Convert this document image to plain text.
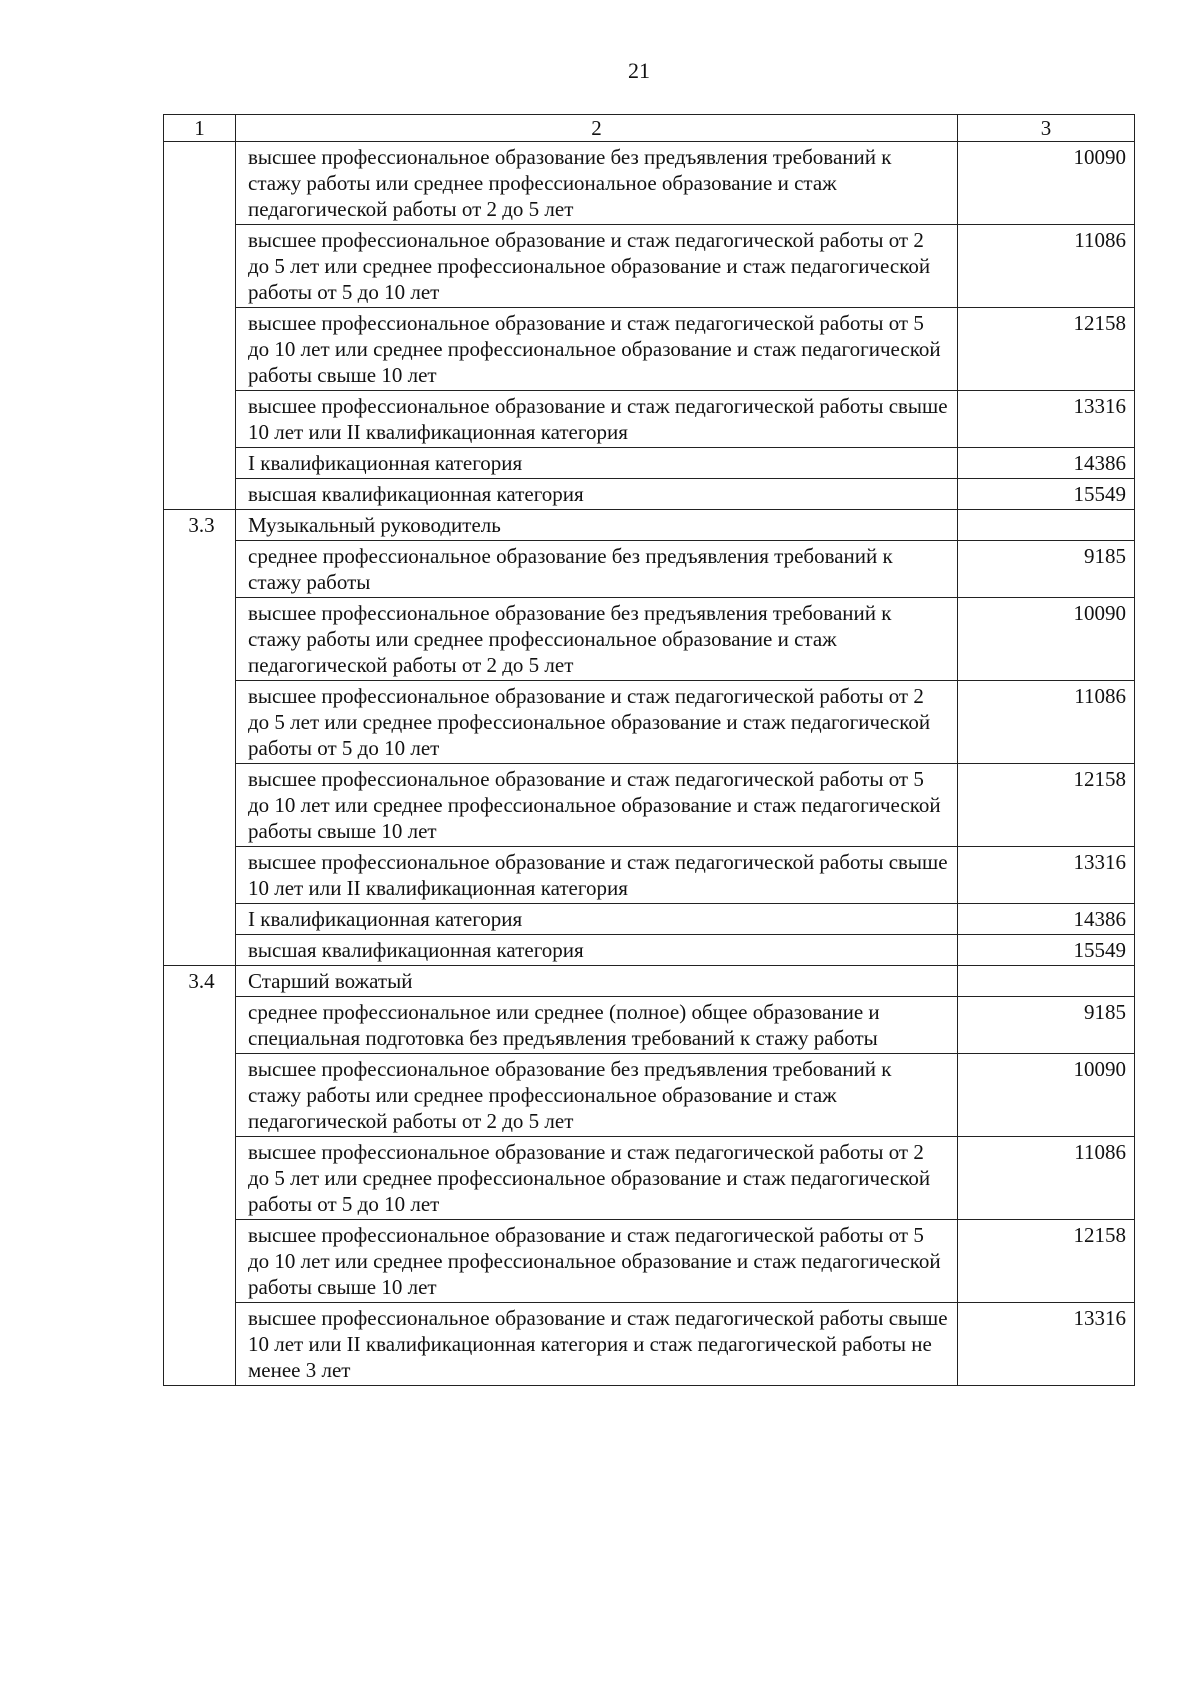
21
1	2	3
	высшее профессиональное образование без предъявления требований к стажу работы или среднее профессиональное образование и стаж педагогической работы от 2 до 5 лет	10090
	высшее профессиональное образование и стаж педагогической работы от 2 до 5 лет или среднее профессиональное образование и стаж педагогической работы от 5 до 10 лет	11086
	высшее профессиональное образование и стаж педагогической работы от 5 до 10 лет или среднее профессиональное образование и стаж педагогической работы свыше 10 лет	12158
	высшее профессиональное образование и стаж педагогической работы свыше 10 лет или II квалификационная категория	13316
	I квалификационная категория	14386
	высшая квалификационная категория	15549
3.3	Музыкальный руководитель	
	среднее профессиональное образование без предъявления требований к стажу работы	9185
	высшее профессиональное образование без предъявления требований к стажу работы или среднее профессиональное образование и стаж педагогической работы от 2 до 5 лет	10090
	высшее профессиональное образование и стаж педагогической работы от 2 до 5 лет или среднее профессиональное образование и стаж педагогической работы от 5 до 10 лет	11086
	высшее профессиональное образование и стаж педагогической работы от 5 до 10 лет или среднее профессиональное образование и стаж педагогической работы свыше 10 лет	12158
	высшее профессиональное образование и стаж педагогической работы свыше 10 лет или II квалификационная категория	13316
	I квалификационная категория	14386
	высшая квалификационная категория	15549
3.4	Старший вожатый	
	среднее профессиональное или среднее (полное) общее образование и специальная подготовка без предъявления требований к стажу работы	9185
	высшее профессиональное образование без предъявления требований к стажу работы или среднее профессиональное образование и стаж педагогической работы от 2 до 5 лет	10090
	высшее профессиональное образование и стаж педагогической работы от 2 до 5 лет или среднее профессиональное образование и стаж педагогической работы от 5 до 10 лет	11086
	высшее профессиональное образование и стаж педагогической работы от 5 до 10 лет или среднее профессиональное образование и стаж педагогической работы свыше 10 лет	12158
	высшее профессиональное образование и стаж педагогической работы свыше 10 лет или II квалификационная категория и стаж педагогической работы не менее 3 лет	13316
